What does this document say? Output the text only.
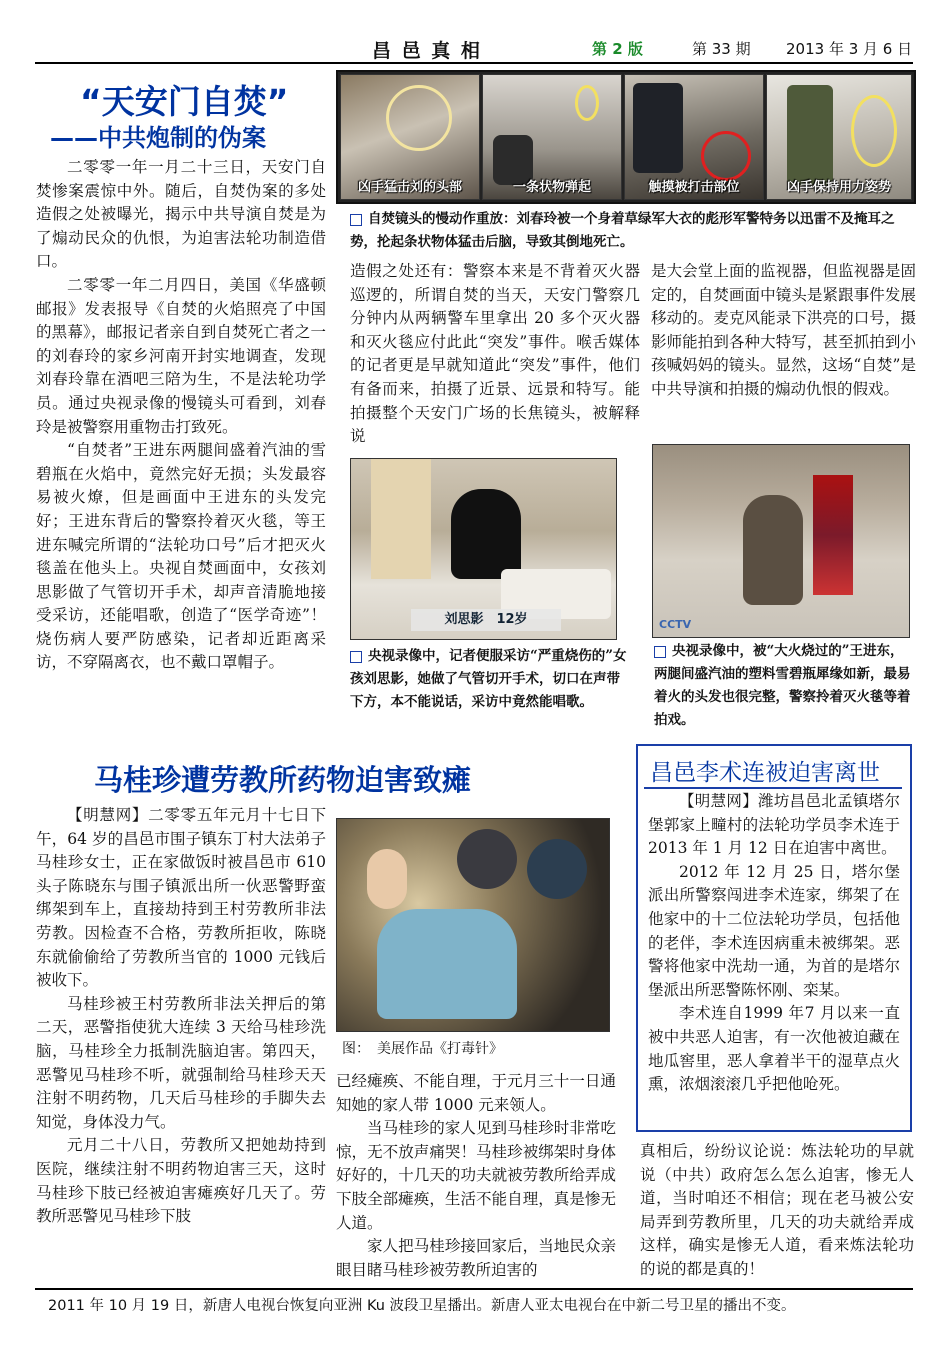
昌 邑 真 相	第 2 版	第 33 期 2013 年 3 月 6 日
“天安门自焚”
——中共炮制的伪案

二零零一年一月二十三日，天安门自焚惨案震惊中外。随后，自焚伪案的多处造假之处被曝光，揭示中共导演自焚是为了煽动民众的仇恨，为迫害法轮功制造借口。

二零零一年二月四日，美国《华盛顿邮报》发表报导《自焚的火焰照亮了中国的黑幕》，邮报记者亲自到自焚死亡者之一的刘春玲的家乡河南开封实地调查，发现刘春玲靠在酒吧三陪为生，不是法轮功学员。通过央视录像的慢镜头可看到，刘春玲是被警察用重物击打致死。

“自焚者”王进东两腿间盛着汽油的雪碧瓶在火焰中，竟然完好无损；头发最容易被火燎，但是画面中王进东的头发完好；王进东背后的警察拎着灭火毯，等王进东喊完所谓的“法轮功口号”后才把灭火毯盖在他头上。央视自焚画面中，女孩刘思影做了气管切开手术，却声音清脆地接受采访，还能唱歌，创造了“医学奇迹”！烧伤病人要严防感染，记者却近距离采访，不穿隔离衣，也不戴口罩帽子。

凶手猛击刘的头部	一条状物弹起	触摸被打击部位	凶手保持用力姿势
自焚镜头的慢动作重放：刘春玲被一个身着草绿军大衣的彪形军警特务以迅雷不及掩耳之势，抡起条状物体猛击后脑，导致其倒地死亡。
造假之处还有：警察本来是不背着灭火器巡逻的，所谓自焚的当天，天安门警察几分钟内从两辆警车里拿出 20 多个灭火器和灭火毯应付此此“突发”事件。喉舌媒体的记者更是早就知道此“突发”事件，他们有备而来，拍摄了近景、远景和特写。能拍摄整个天安门广场的长焦镜头，被解释说
是大会堂上面的监视器，但监视器是固定的，自焚画面中镜头是紧跟事件发展移动的。麦克风能录下洪亮的口号，摄影师能拍到各种大特写，甚至抓拍到小孩喊妈妈的镜头。显然，这场“自焚”是中共导演和拍摄的煽动仇恨的假戏。
刘思影　12岁
央视录像中，记者便服采访“严重烧伤的”女孩刘思影，她做了气管切开手术，切口在声带下方，本不能说话，采访中竟然能唱歌。
CCTV
央视录像中，被“大火烧过的”王进东，两腿间盛汽油的塑料雪碧瓶犀缘如新，最易着火的头发也很完整，警察拎着灭火毯等着拍戏。
马桂珍遭劳教所药物迫害致瘫

【明慧网】二零零五年元月十七日下午，64 岁的昌邑市围子镇东丁村大法弟子马桂珍女士，正在家做饭时被昌邑市 610 头子陈晓东与围子镇派出所一伙恶警野蛮绑架到车上，直接劫持到王村劳教所非法劳教。因检查不合格，劳教所拒收，陈晓东就偷偷给了劳教所当官的 1000 元钱后被收下。

马桂珍被王村劳教所非法关押后的第二天，恶警指使犹大连续 3 天给马桂珍洗脑，马桂珍全力抵制洗脑迫害。第四天，恶警见马桂珍不听，就强制给马桂珍天天注射不明药物，几天后马桂珍的手脚失去知觉，身体没力气。

元月二十八日，劳教所又把她劫持到医院，继续注射不明药物迫害三天，这时马桂珍下肢已经被迫害瘫痪好几天了。劳教所恶警见马桂珍下肢

图：　美展作品《打毒针》

已经瘫痪、不能自理，于元月三十一日通知她的家人带 1000 元来领人。

当马桂珍的家人见到马桂珍时非常吃惊，无不放声痛哭！马桂珍被绑架时身体好好的，十几天的功夫就被劳教所给弄成下肢全部瘫痪，生活不能自理，真是惨无人道。

家人把马桂珍接回家后，当地民众亲眼目睹马桂珍被劳教所迫害的

真相后，纷纷议论说：炼法轮功的早就说（中共）政府怎么怎么迫害，惨无人道，当时咱还不相信；现在老马被公安局弄到劳教所里，几天的功夫就给弄成这样，确实是惨无人道，看来炼法轮功的说的都是真的！
昌邑李术连被迫害离世

【明慧网】潍坊昌邑北孟镇塔尔堡郭家上疃村的法轮功学员李术连于 2013 年 1 月 12 日在迫害中离世。

2012 年 12 月 25 日，塔尔堡派出所警察闯进李术连家，绑架了在他家中的十二位法轮功学员，包括他的老伴，李术连因病重未被绑架。恶警将他家中洗劫一通，为首的是塔尔堡派出所恶警陈怀刚、栾某。

李术连自1999 年7 月以来一直被中共恶人迫害，有一次他被迫藏在地瓜窖里，恶人拿着半干的湿草点火熏，浓烟滚滚几乎把他呛死。

2011 年 10 月 19 日，新唐人电视台恢复向亚洲 Ku 波段卫星播出。新唐人亚太电视台在中新二号卫星的播出不变。
